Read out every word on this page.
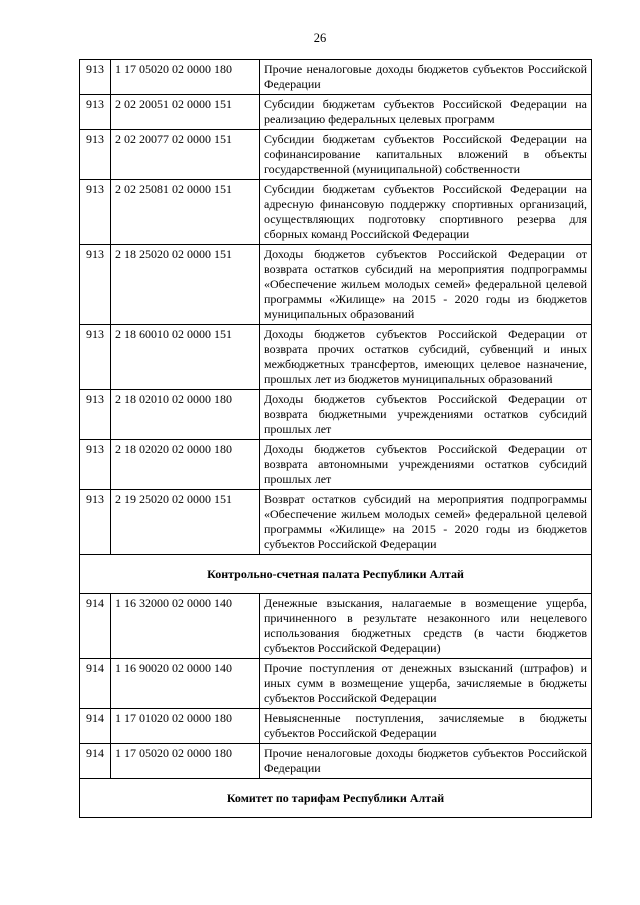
26
913	1 17 05020 02 0000 180	Прочие неналоговые доходы бюджетов субъектов Российской Федерации
913	2 02 20051 02 0000 151	Субсидии бюджетам субъектов Российской Федерации на реализацию федеральных целевых программ
913	2 02 20077 02 0000 151	Субсидии бюджетам субъектов Российской Федерации на софинансирование капитальных вложений в объекты государственной (муниципальной) собственности
913	2 02 25081 02 0000 151	Субсидии бюджетам субъектов Российской Федерации на адресную финансовую поддержку спортивных организаций, осуществляющих подготовку спортивного резерва для сборных команд Российской Федерации
913	2 18 25020 02 0000 151	Доходы бюджетов субъектов Российской Федерации от возврата остатков субсидий на мероприятия подпрограммы «Обеспечение жильем молодых семей» федеральной целевой программы «Жилище» на 2015 - 2020 годы из бюджетов муниципальных образований
913	2 18 60010 02 0000 151	Доходы бюджетов субъектов Российской Федерации от возврата прочих остатков субсидий, субвенций и иных межбюджетных трансфертов, имеющих целевое назначение, прошлых лет из бюджетов муниципальных образований
913	2 18 02010 02 0000 180	Доходы бюджетов субъектов Российской Федерации от возврата бюджетными учреждениями остатков субсидий прошлых лет
913	2 18 02020 02 0000 180	Доходы бюджетов субъектов Российской Федерации от возврата автономными учреждениями остатков субсидий прошлых лет
913	2 19 25020 02 0000 151	Возврат остатков субсидий на мероприятия подпрограммы «Обеспечение жильем молодых семей» федеральной целевой программы «Жилище» на 2015 - 2020 годы из бюджетов субъектов Российской Федерации
Контрольно-счетная палата Республики Алтай		
914	1 16 32000 02 0000 140	Денежные взыскания, налагаемые в возмещение ущерба, причиненного в результате незаконного или нецелевого использования бюджетных средств (в части бюджетов субъектов Российской Федерации)
914	1 16 90020 02 0000 140	Прочие поступления от денежных взысканий (штрафов) и иных сумм в возмещение ущерба, зачисляемые в бюджеты субъектов Российской Федерации
914	1 17 01020 02 0000 180	Невыясненные поступления, зачисляемые в бюджеты субъектов Российской Федерации
914	1 17 05020 02 0000 180	Прочие неналоговые доходы бюджетов субъектов Российской Федерации
Комитет по тарифам Республики Алтай		
